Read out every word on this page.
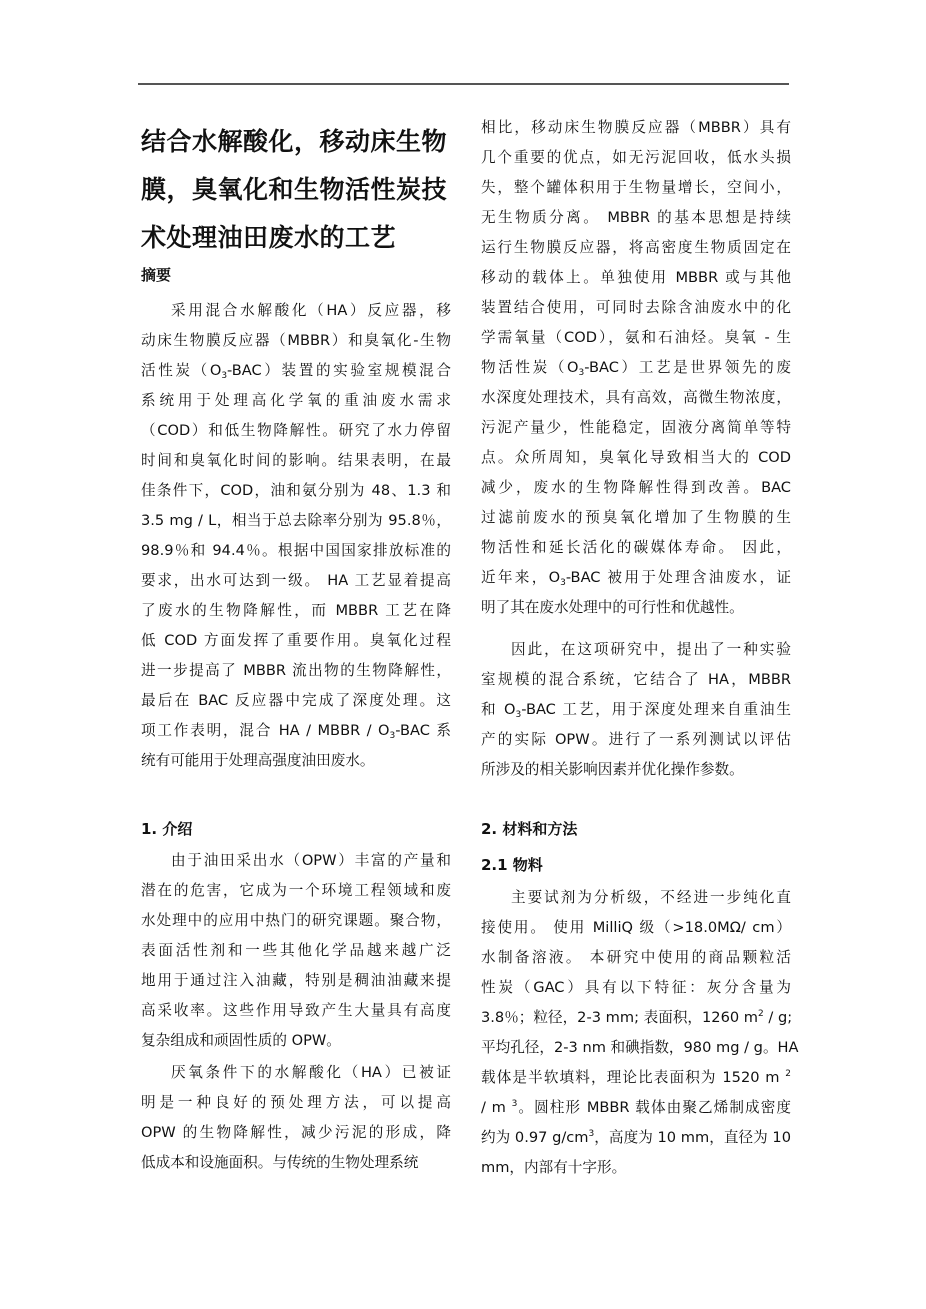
结合水解酸化，移动床生物
膜，臭氧化和生物活性炭技
术处理油田废水的工艺
摘要
采用混合水解酸化（HA）反应器，移
动床生物膜反应器（MBBR）和臭氧化-生物
活性炭$(O_3-BAC)$装置的实验室规模混合
系统用于处理高化学氧的重油废水需求
（COD）和低生物降解性。研究了水力停留
时间和臭氧化时间的影响。结果表明，在最
佳条件下，COD，油和氨分别为 48、1.3 和
3.5 mg / L，相当于总去除率分别为 95.8％，
98.9％和 94.4％。根据中国国家排放标准的
要求，出水可达到一级。 HA 工艺显着提高
了废水的生物降解性，而 MBBR 工艺在降
低 COD 方面发挥了重要作用。臭氧化过程
进一步提高了 MBBR 流出物的生物降解性，
最后在 BAC 反应器中完成了深度处理。这
项工作表明，混合 HA / MBBR / $O_3$-BAC 系
统有可能用于处理高强度油田废水。
相比，移动床生物膜反应器（MBBR）具有
几个重要的优点，如无污泥回收，低水头损
失，整个罐体积用于生物量增长，空间小，
无生物质分离。 MBBR 的基本思想是持续
运行生物膜反应器，将高密度生物质固定在
移动的载体上。单独使用 MBBR 或与其他
装置结合使用，可同时去除含油废水中的化
学需氧量（COD），氨和石油烃。臭氧 - 生
物活性炭$(O_3-BAC)$工艺是世界领先的废
水深度处理技术，具有高效，高微生物浓度，
污泥产量少，性能稳定，固液分离简单等特
点。众所周知，臭氧化导致相当大的 COD
减少，废水的生物降解性得到改善。BAC
过滤前废水的预臭氧化增加了生物膜的生
物活性和延长活化的碳媒体寿命。 因此，
近年来，$O_3$-BAC 被用于处理含油废水，证
明了其在废水处理中的可行性和优越性。
因此，在这项研究中，提出了一种实验
室规模的混合系统，它结合了 HA，MBBR
和 $O_3$-BAC 工艺，用于深度处理来自重油生
产的实际 OPW。进行了一系列测试以评估
所涉及的相关影响因素并优化操作参数。
1. 介绍
由于油田采出水（OPW）丰富的产量和
潜在的危害，它成为一个环境工程领域和废
水处理中的应用中热门的研究课题。聚合物，
表面活性剂和一些其他化学品越来越广泛
地用于通过注入油藏，特别是稠油油藏来提
高采收率。这些作用导致产生大量具有高度
复杂组成和顽固性质的 OPW。
厌氧条件下的水解酸化（HA）已被证
明是一种良好的预处理方法，可以提高
OPW 的生物降解性，减少污泥的形成，降
低成本和设施面积。与传统的生物处理系统
2. 材料和方法
2.1 物料
主要试剂为分析级，不经进一步纯化直
接使用。 使用 MilliQ 级（>18.0MΩ/ cm）
水制备溶液。 本研究中使用的商品颗粒活
性炭（GAC）具有以下特征：灰分含量为
3.8％；粒径，2-3 mm; 表面积，1260 $m^2$ / g;
平均孔径，2-3 nm 和碘指数，980 mg / g。HA
载体是半软填料，理论比表面积为 1520 m $^2$
/ m $^3$。圆柱形 MBBR 载体由聚乙烯制成密度
约为 0.97 $g/cm^3$，高度为 10 mm，直径为 10
mm，内部有十字形。
